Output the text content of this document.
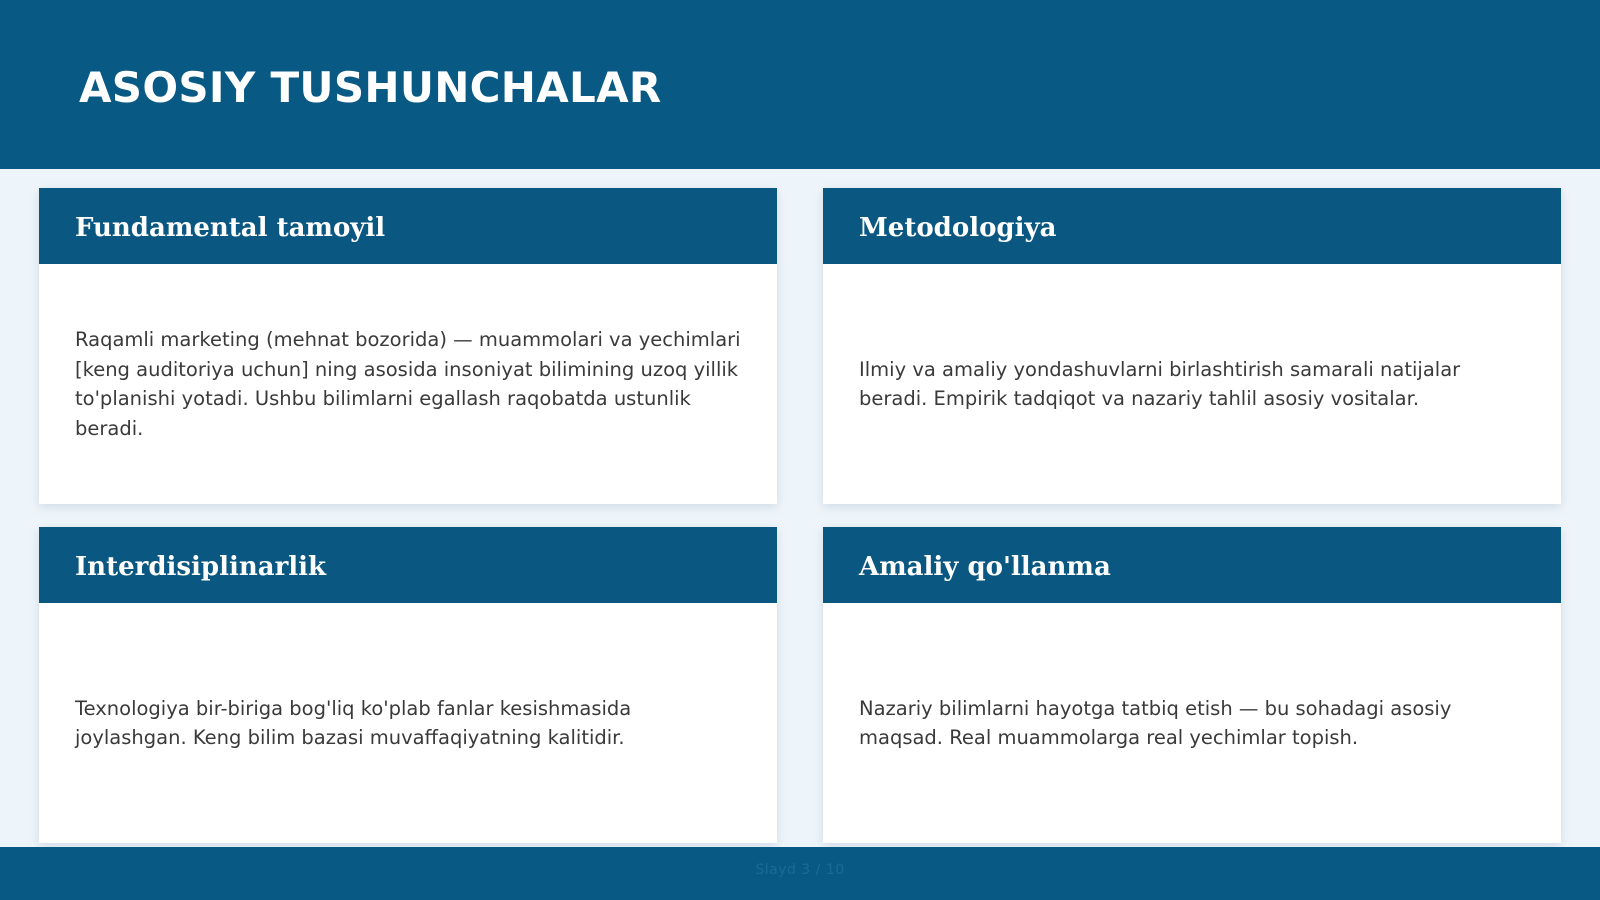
ASOSIY TUSHUNCHALAR
Fundamental tamoyil

Raqamli marketing (mehnat bozorida) — muammolari va yechimlari [keng auditoriya uchun] ning asosida insoniyat bilimining uzoq yillik to'planishi yotadi. Ushbu bilimlarni egallash raqobatda ustunlik beradi.

Metodologiya

Ilmiy va amaliy yondashuvlarni birlashtirish samarali natijalar beradi. Empirik tadqiqot va nazariy tahlil asosiy vositalar.

Interdisiplinarlik

Texnologiya bir-biriga bog'liq ko'plab fanlar kesishmasida joylashgan. Keng bilim bazasi muvaffaqiyatning kalitidir.

Amaliy qo'llanma

Nazariy bilimlarni hayotga tatbiq etish — bu sohadagi asosiy maqsad. Real muammolarga real yechimlar topish.

Slayd 3 / 10
